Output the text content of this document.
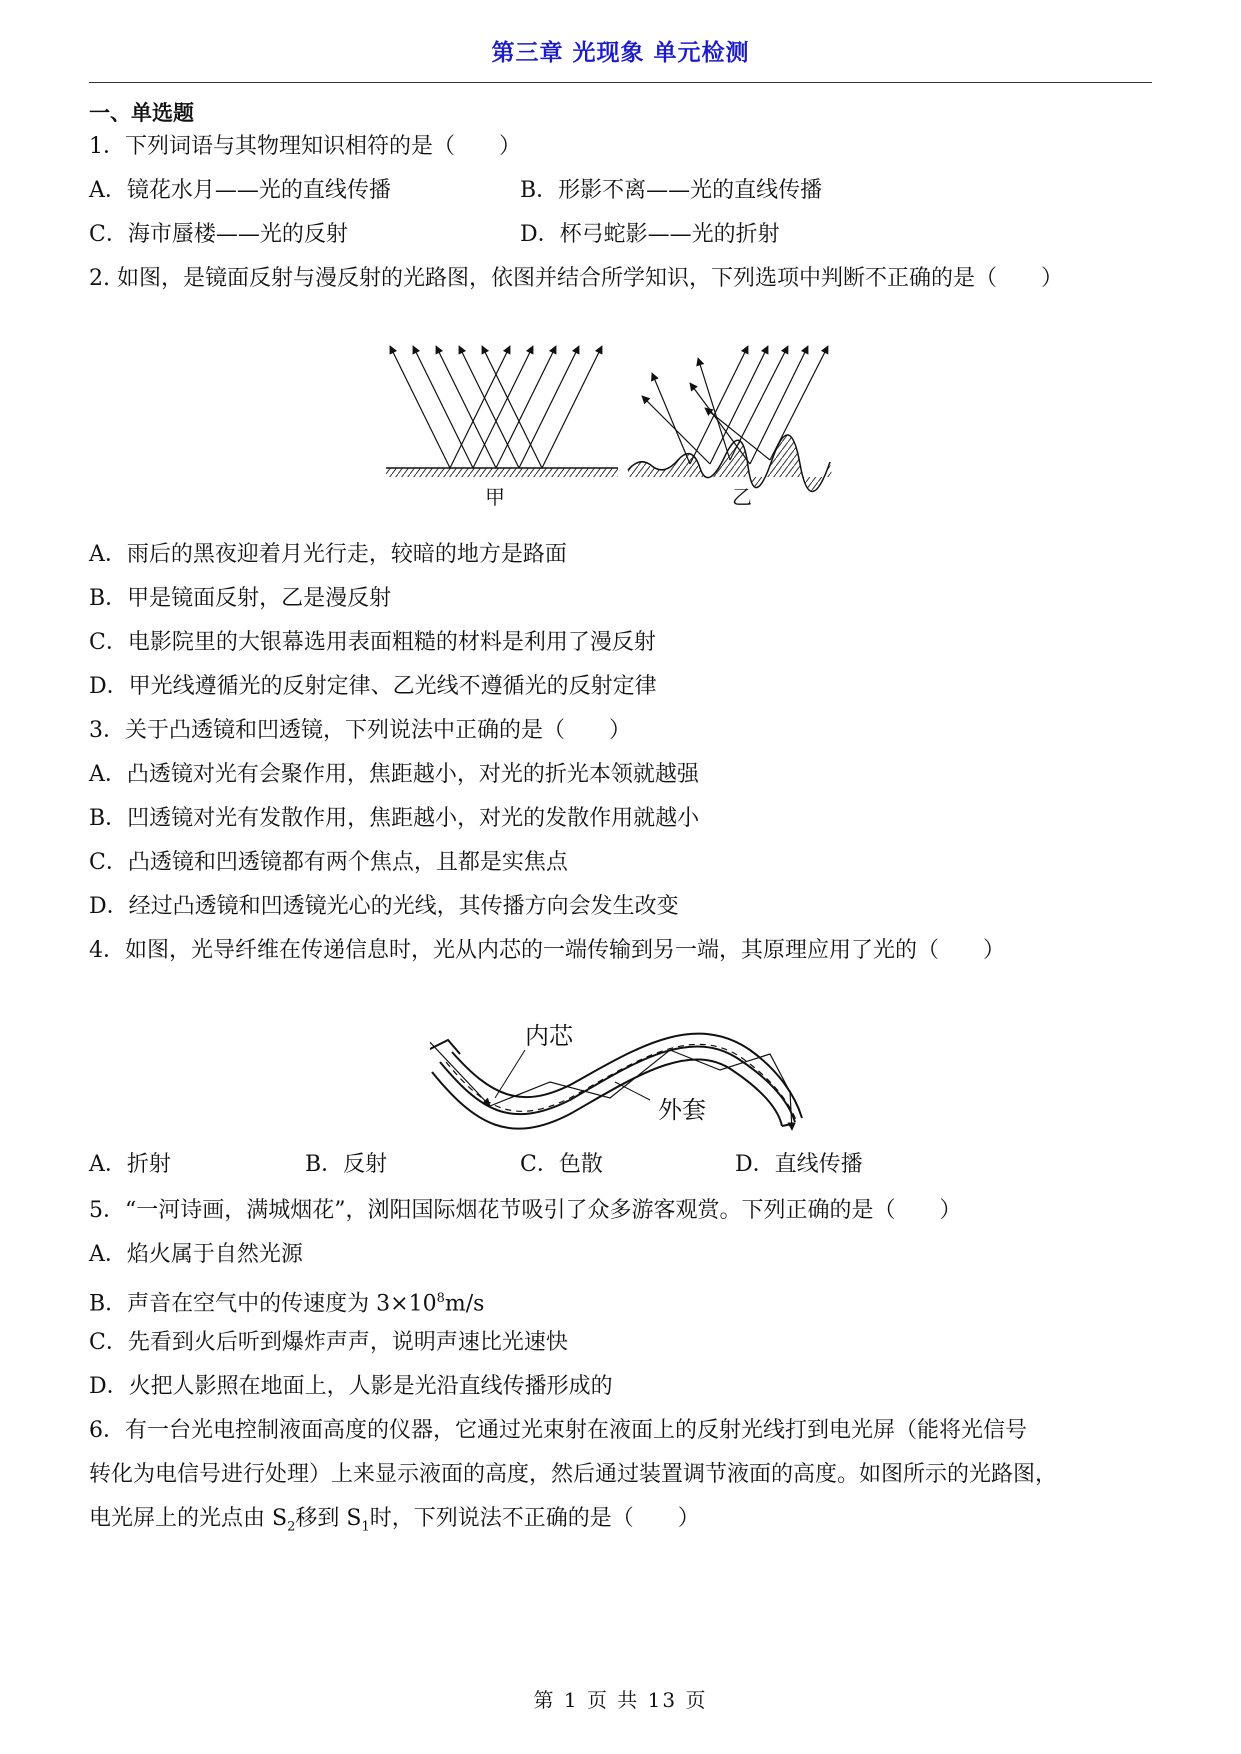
第三章 光现象 单元检测
一、单选题
1．下列词语与其物理知识相符的是（　　）
A．镜花水月——光的直线传播	B．形影不离——光的直线传播
C．海市蜃楼——光的反射	D．杯弓蛇影——光的折射
2. 如图，是镜面反射与漫反射的光路图，依图并结合所学知识，下列选项中判断不正确的是（　　）
甲	乙
A．雨后的黑夜迎着月光行走，较暗的地方是路面
B．甲是镜面反射，乙是漫反射
C．电影院里的大银幕选用表面粗糙的材料是利用了漫反射
D．甲光线遵循光的反射定律、乙光线不遵循光的反射定律
3．关于凸透镜和凹透镜，下列说法中正确的是（　　）
A．凸透镜对光有会聚作用，焦距越小，对光的折光本领就越强
B．凹透镜对光有发散作用，焦距越小，对光的发散作用就越小
C．凸透镜和凹透镜都有两个焦点，且都是实焦点
D．经过凸透镜和凹透镜光心的光线，其传播方向会发生改变
4．如图，光导纤维在传递信息时，光从内芯的一端传输到另一端，其原理应用了光的（　　）
内芯
外套
A．折射	B．反射	C．色散	D．直线传播
5．“一河诗画，满城烟花”，浏阳国际烟花节吸引了众多游客观赏。下列正确的是（　　）
A．焰火属于自然光源
B．声音在空气中的传速度为 $3\times 10^8m/s$
C．先看到火后听到爆炸声声，说明声速比光速快
D．火把人影照在地面上，人影是光沿直线传播形成的
6．有一台光电控制液面高度的仪器，它通过光束射在液面上的反射光线打到电光屏（能将光信号
转化为电信号进行处理）上来显示液面的高度，然后通过装置调节液面的高度。如图所示的光路图，
电光屏上的光点由 $S_2$移到 $S_1$时，下列说法不正确的是（　　）
第 1 页 共 13 页
